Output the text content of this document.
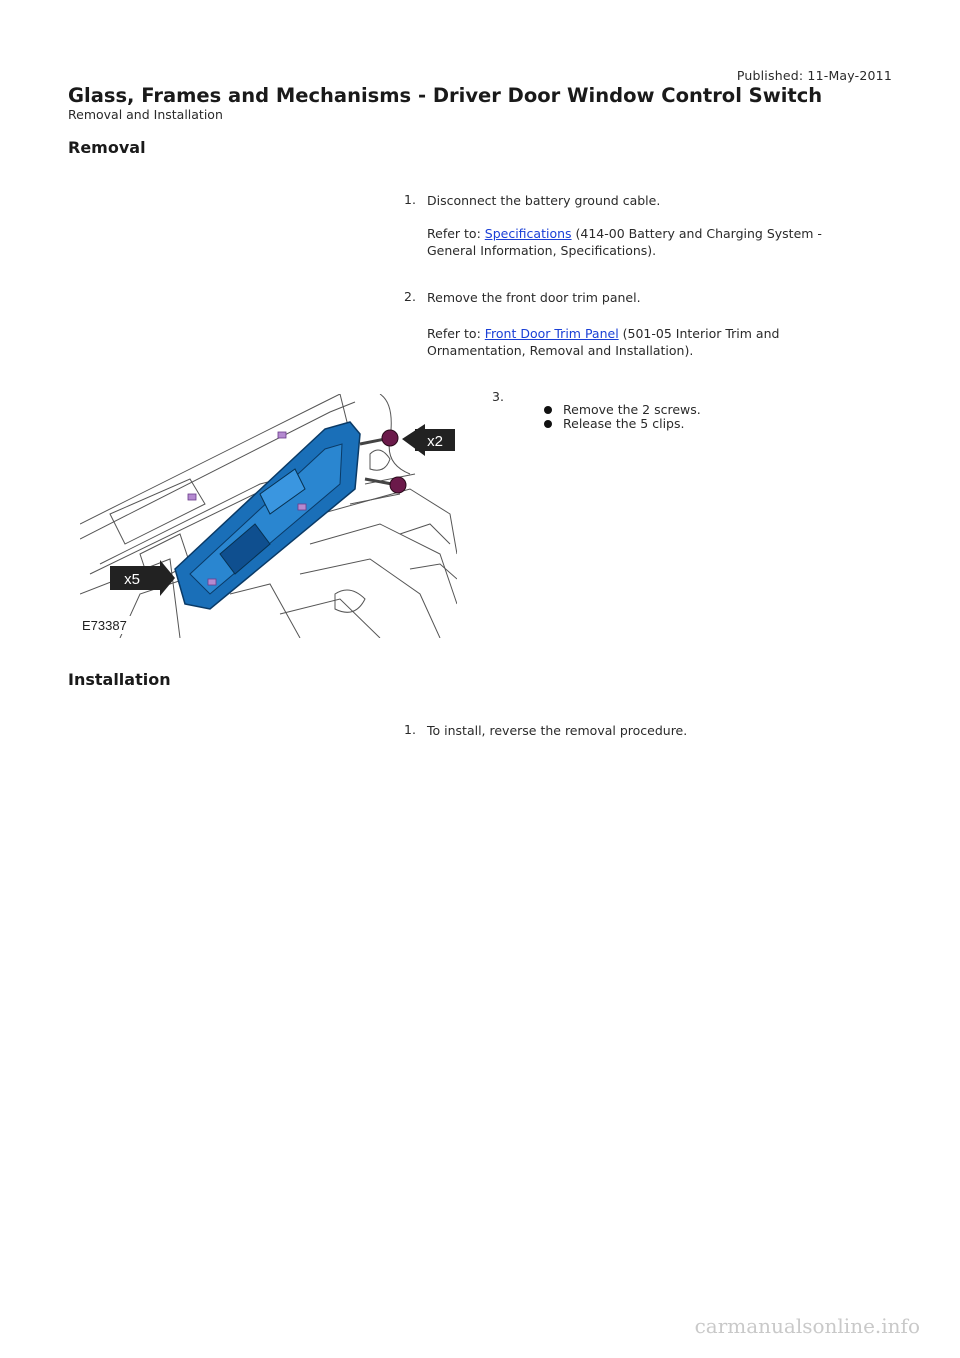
Published: 11-May-2011
Glass, Frames and Mechanisms - Driver Door Window Control Switch
Removal and Installation
Removal
1. Disconnect the battery ground cable.
Refer to: Specifications (414-00 Battery and Charging System - General Information, Specifications).
2. Remove the front door trim panel.
Refer to: Front Door Trim Panel (501-05 Interior Trim and Ornamentation, Removal and Installation).
3.
Remove the 2 screws.
Release the 5 clips.
x2
x5
E73387
Installation
1. To install, reverse the removal procedure.
carmanualsonline.info
